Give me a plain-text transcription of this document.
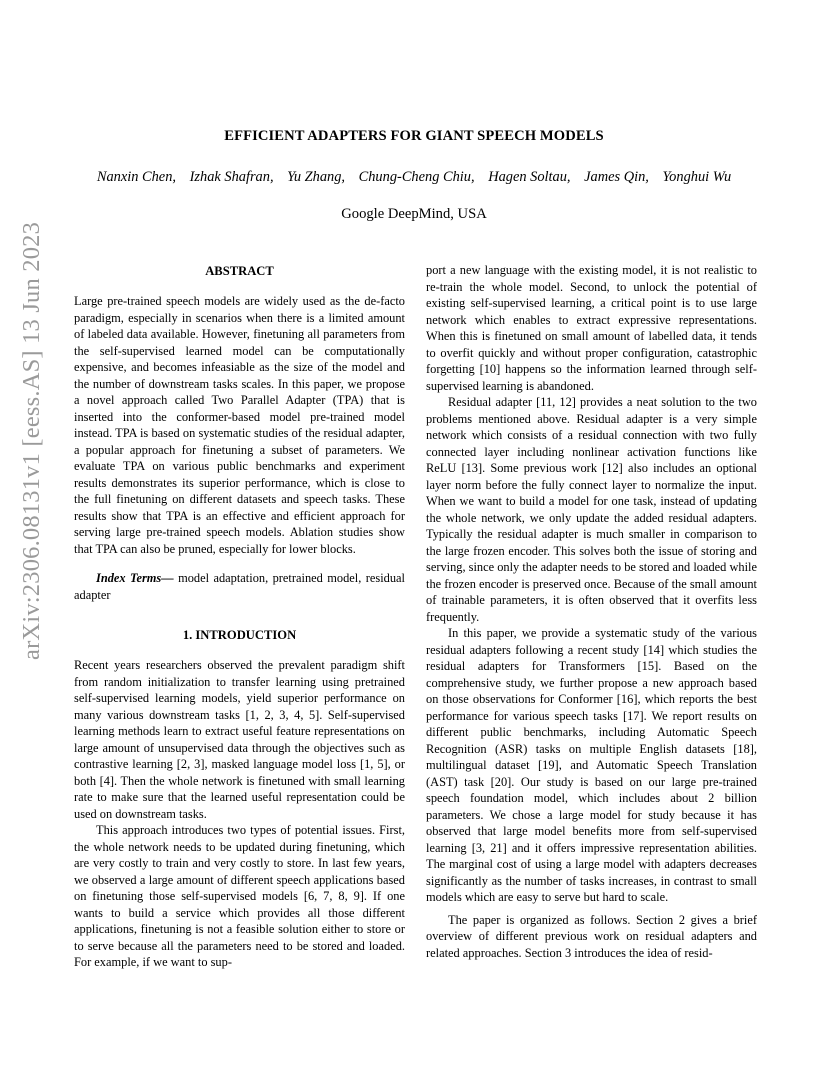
arXiv:2306.08131v1 [eess.AS] 13 Jun 2023
EFFICIENT ADAPTERS FOR GIANT SPEECH MODELS
Nanxin Chen, Izhak Shafran, Yu Zhang, Chung-Cheng Chiu, Hagen Soltau, James Qin, Yonghui Wu
Google DeepMind, USA
ABSTRACT

Large pre-trained speech models are widely used as the de-facto paradigm, especially in scenarios when there is a limited amount of labeled data available. However, finetuning all parameters from the self-supervised learned model can be computationally expensive, and becomes infeasiable as the size of the model and the number of downstream tasks scales. In this paper, we propose a novel approach called Two Parallel Adapter (TPA) that is inserted into the conformer-based model pre-trained model instead. TPA is based on systematic studies of the residual adapter, a popular approach for finetuning a subset of parameters. We evaluate TPA on various public benchmarks and experiment results demonstrates its superior performance, which is close to the full finetuning on different datasets and speech tasks. These results show that TPA is an effective and efficient approach for serving large pre-trained speech models. Ablation studies show that TPA can also be pruned, especially for lower blocks.

Index Terms— model adaptation, pretrained model, residual adapter

1. INTRODUCTION

Recent years researchers observed the prevalent paradigm shift from random initialization to transfer learning using pretrained self-supervised learning models, yield superior performance on many various downstream tasks [1, 2, 3, 4, 5]. Self-supervised learning methods learn to extract useful feature representations on large amount of unsupervised data through the objectives such as contrastive learning [2, 3], masked language model loss [1, 5], or both [4]. Then the whole network is finetuned with small learning rate to make sure that the learned useful representation could be used on downstream tasks.

This approach introduces two types of potential issues. First, the whole network needs to be updated during finetuning, which are very costly to train and very costly to store. In last few years, we observed a large amount of different speech applications based on finetuning those self-supervised models [6, 7, 8, 9]. If one wants to build a service which provides all those different applications, finetuning is not a feasible solution either to store or to serve because all the parameters need to be stored and loaded. For example, if we want to sup-

port a new language with the existing model, it is not realistic to re-train the whole model. Second, to unlock the potential of existing self-supervised learning, a critical point is to use large network which enables to extract expressive representations. When this is finetuned on small amount of labelled data, it tends to overfit quickly and without proper configuration, catastrophic forgetting [10] happens so the information learned through self-supervised learning is abandoned.

Residual adapter [11, 12] provides a neat solution to the two problems mentioned above. Residual adapter is a very simple network which consists of a residual connection with two fully connected layer including nonlinear activation functions like ReLU [13]. Some previous work [12] also includes an optional layer norm before the fully connect layer to normalize the input. When we want to build a model for one task, instead of updating the whole network, we only update the added residual adapters. Typically the residual adapter is much smaller in comparison to the large frozen encoder. This solves both the issue of storing and serving, since only the adapter needs to be stored and loaded while the frozen encoder is preserved once. Because of the small amount of trainable parameters, it is often observed that it overfits less frequently.

In this paper, we provide a systematic study of the various residual adapters following a recent study [14] which studies the residual adapters for Transformers [15]. Based on the comprehensive study, we further propose a new approach based on those observations for Conformer [16], which reports the best performance for various speech tasks [17]. We report results on different public benchmarks, including Automatic Speech Recognition (ASR) tasks on multiple English datasets [18], multilingual dataset [19], and Automatic Speech Translation (AST) task [20]. Our study is based on our large pre-trained speech foundation model, which includes about 2 billion parameters. We chose a large model for study because it has observed that large model benefits more from self-supervised learning [3, 21] and it offers impressive representation abilities. The marginal cost of using a large model with adapters decreases significantly as the number of tasks increases, in contrast to small models which are easy to serve but hard to scale.

The paper is organized as follows. Section 2 gives a brief overview of different previous work on residual adapters and related approaches. Section 3 introduces the idea of resid-
